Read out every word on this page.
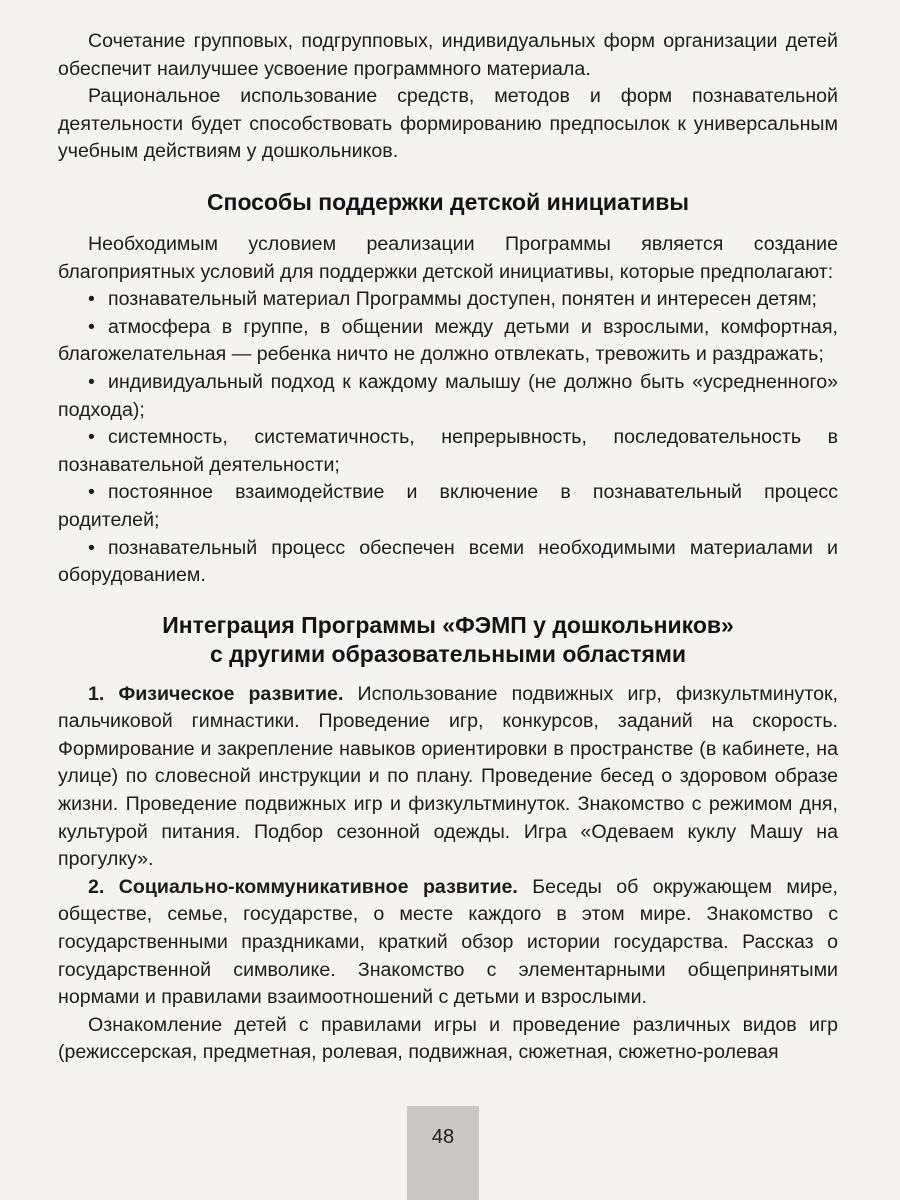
Сочетание групповых, подгрупповых, индивидуальных форм организации детей обеспечит наилучшее усвоение программного материала.

Рациональное использование средств, методов и форм познавательной деятельности будет способствовать формированию предпосылок к универсальным учебным действиям у дошкольников.

Способы поддержки детской инициативы

Необходимым условием реализации Программы является создание благоприятных условий для поддержки детской инициативы, которые предполагают:

• познавательный материал Программы доступен, понятен и интересен детям;

• атмосфера в группе, в общении между детьми и взрослыми, комфортная, благожелательная — ребенка ничто не должно отвлекать, тревожить и раздражать;

• индивидуальный подход к каждому малышу (не должно быть «усредненного» подхода);

• системность, систематичность, непрерывность, последовательность в познавательной деятельности;

• постоянное взаимодействие и включение в познавательный процесс родителей;

• познавательный процесс обеспечен всеми необходимыми материалами и оборудованием.

Интеграция Программы «ФЭМП у дошкольников»
с другими образовательными областями

1. Физическое развитие. Использование подвижных игр, физкультминуток, пальчиковой гимнастики. Проведение игр, конкурсов, заданий на скорость. Формирование и закрепление навыков ориентировки в пространстве (в кабинете, на улице) по словесной инструкции и по плану. Проведение бесед о здоровом образе жизни. Проведение подвижных игр и физкультминуток. Знакомство с режимом дня, культурой питания. Подбор сезонной одежды. Игра «Одеваем куклу Машу на прогулку».

2. Социально-коммуникативное развитие. Беседы об окружающем мире, обществе, семье, государстве, о месте каждого в этом мире. Знакомство с государственными праздниками, краткий обзор истории государства. Рассказ о государственной символике. Знакомство с элементарными общепринятыми нормами и правилами взаимоотношений с детьми и взрослыми.

Ознакомление детей с правилами игры и проведение различных видов игр (режиссерская, предметная, ролевая, подвижная, сюжетная, сюжетно-ролевая

48
